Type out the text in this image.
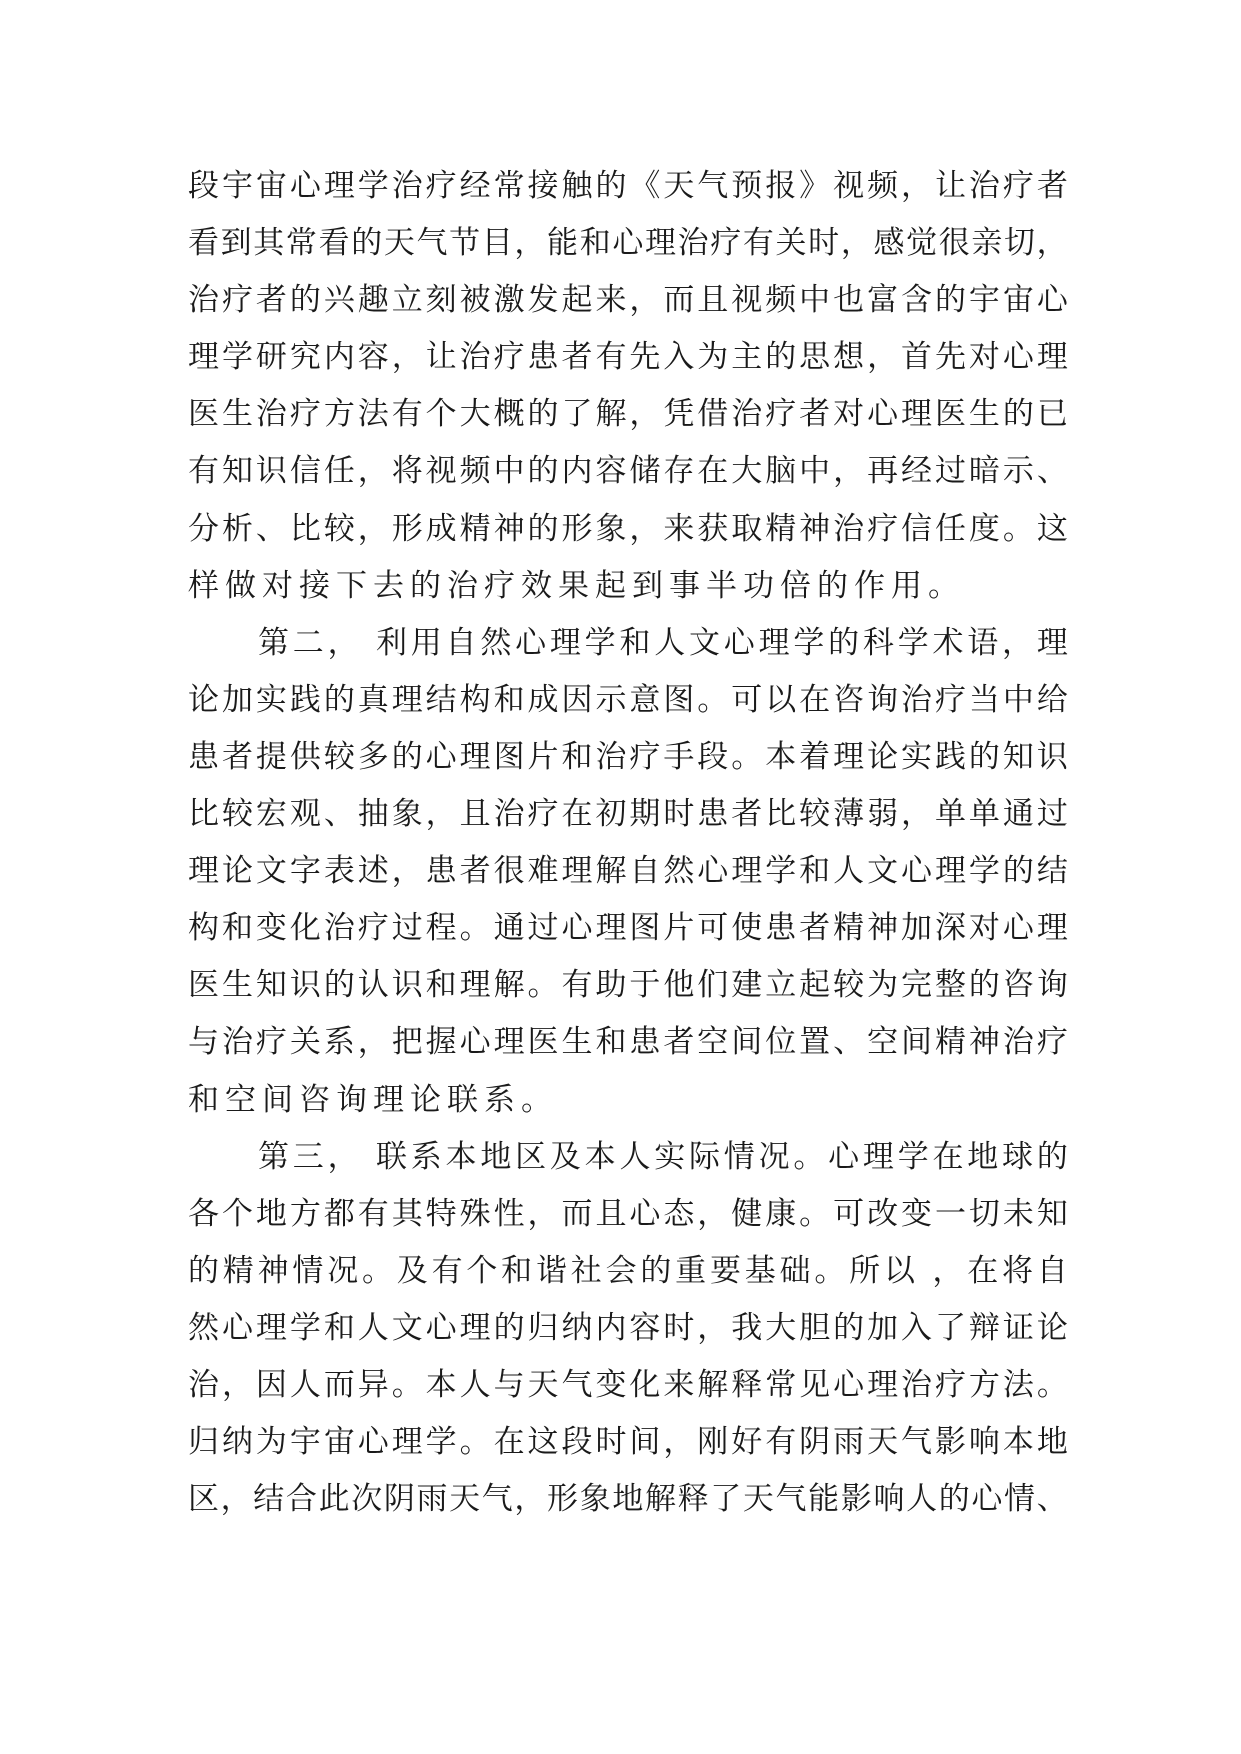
段 宇 宙 心 理 学 治 疗 经 常 接 触 的 《 天 气 预 报 》 视 频 ， 让 治 疗 者
看 到 其 常 看 的 天 气 节 目 ， 能 和 心 理 治 疗 有 关 时 ， 感 觉 很 亲 切 ，
治 疗 者 的 兴 趣 立 刻 被 激 发 起 来 ， 而 且 视 频 中 也 富 含 的 宇 宙 心
理 学 研 究 内 容 ， 让 治 疗 患 者 有 先 入 为 主 的 思 想 ， 首 先 对 心 理
医 生 治 疗 方 法 有 个 大 概 的 了 解 ， 凭 借 治 疗 者 对 心 理 医 生 的 已
有 知 识 信 任 ， 将 视 频 中 的 内 容 储 存 在 大 脑 中 ， 再 经 过 暗 示 、
分 析 、 比 较 ， 形 成 精 神 的 形 象 ， 来 获 取 精 神 治 疗 信 任 度 。 这
样 做 对 接 下 去 的 治 疗 效 果 起 到 事 半 功 倍 的 作 用 。
第 二 ，
利 用 自 然 心 理 学 和 人 文 心 理 学 的 科 学 术 语 ， 理
论 加 实 践 的 真 理 结 构 和 成 因 示 意 图 。 可 以 在 咨 询 治 疗 当 中 给
患 者 提 供 较 多 的 心 理 图 片 和 治 疗 手 段 。 本 着 理 论 实 践 的 知 识
比 较 宏 观 、 抽 象 ， 且 治 疗 在 初 期 时 患 者 比 较 薄 弱 ， 单 单 通 过
理 论 文 字 表 述 ， 患 者 很 难 理 解 自 然 心 理 学 和 人 文 心 理 学 的 结
构 和 变 化 治 疗 过 程 。 通 过 心 理 图 片 可 使 患 者 精 神 加 深 对 心 理
医 生 知 识 的 认 识 和 理 解 。 有 助 于 他 们 建 立 起 较 为 完 整 的 咨 询
与 治 疗 关 系 ， 把 握 心 理 医 生 和 患 者 空 间 位 置 、 空 间 精 神 治 疗
和 空 间 咨 询 理 论 联 系 。
第 三 ，
联 系 本 地 区 及 本 人 实 际 情 况 。 心 理 学 在 地 球 的
各 个 地 方 都 有 其 特 殊 性 ， 而 且 心 态 ， 健 康 。 可 改 变 一 切 未 知
的 精 神 情 况 。 及 有 个 和 谐 社 会 的 重 要 基 础 。 所 以
， 在 将 自
然 心 理 学 和 人 文 心 理 的 归 纳 内 容 时 ， 我 大 胆 的 加 入 了 辩 证 论
治 ， 因 人 而 异 。 本 人 与 天 气 变 化 来 解 释 常 见 心 理 治 疗 方 法 。
归 纳 为 宇 宙 心 理 学 。 在 这 段 时 间 ， 刚 好 有 阴 雨 天 气 影 响 本 地
区 ， 结 合 此 次 阴 雨 天 气 ， 形 象 地 解 释 了 天 气 能 影 响 人 的 心 情 、
